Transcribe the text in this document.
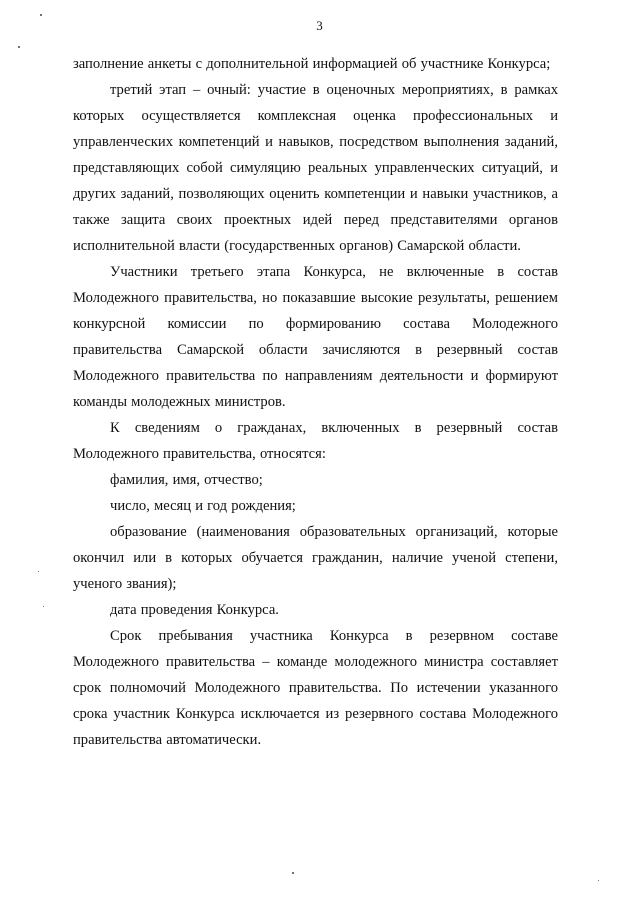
3

заполнение анкеты с дополнительной информацией об участнике Конкурса;

третий этап – очный: участие в оценочных мероприятиях, в рамках которых осуществляется комплексная оценка профессиональных и управленческих компетенций и навыков, посредством выполнения заданий, представляющих собой симуляцию реальных управленческих ситуаций, и других заданий, позволяющих оценить компетенции и навыки участников, а также защита своих проектных идей перед представителями органов исполнительной власти (государственных органов) Самарской области.

Участники третьего этапа Конкурса, не включенные в состав Молодежного правительства, но показавшие высокие результаты, решением конкурсной комиссии по формированию состава Молодежного правительства Самарской области зачисляются в резервный состав Молодежного правительства по направлениям деятельности и формируют команды молодежных министров.

К сведениям о гражданах, включенных в резервный состав Молодежного правительства, относятся:

фамилия, имя, отчество;

число, месяц и год рождения;

образование (наименования образовательных организаций, которые окончил или в которых обучается гражданин, наличие ученой степени, ученого звания);

дата проведения Конкурса.

Срок пребывания участника Конкурса в резервном составе Молодежного правительства – команде молодежного министра составляет срок полномочий Молодежного правительства. По истечении указанного срока участник Конкурса исключается из резервного состава Молодежного правительства автоматически.
